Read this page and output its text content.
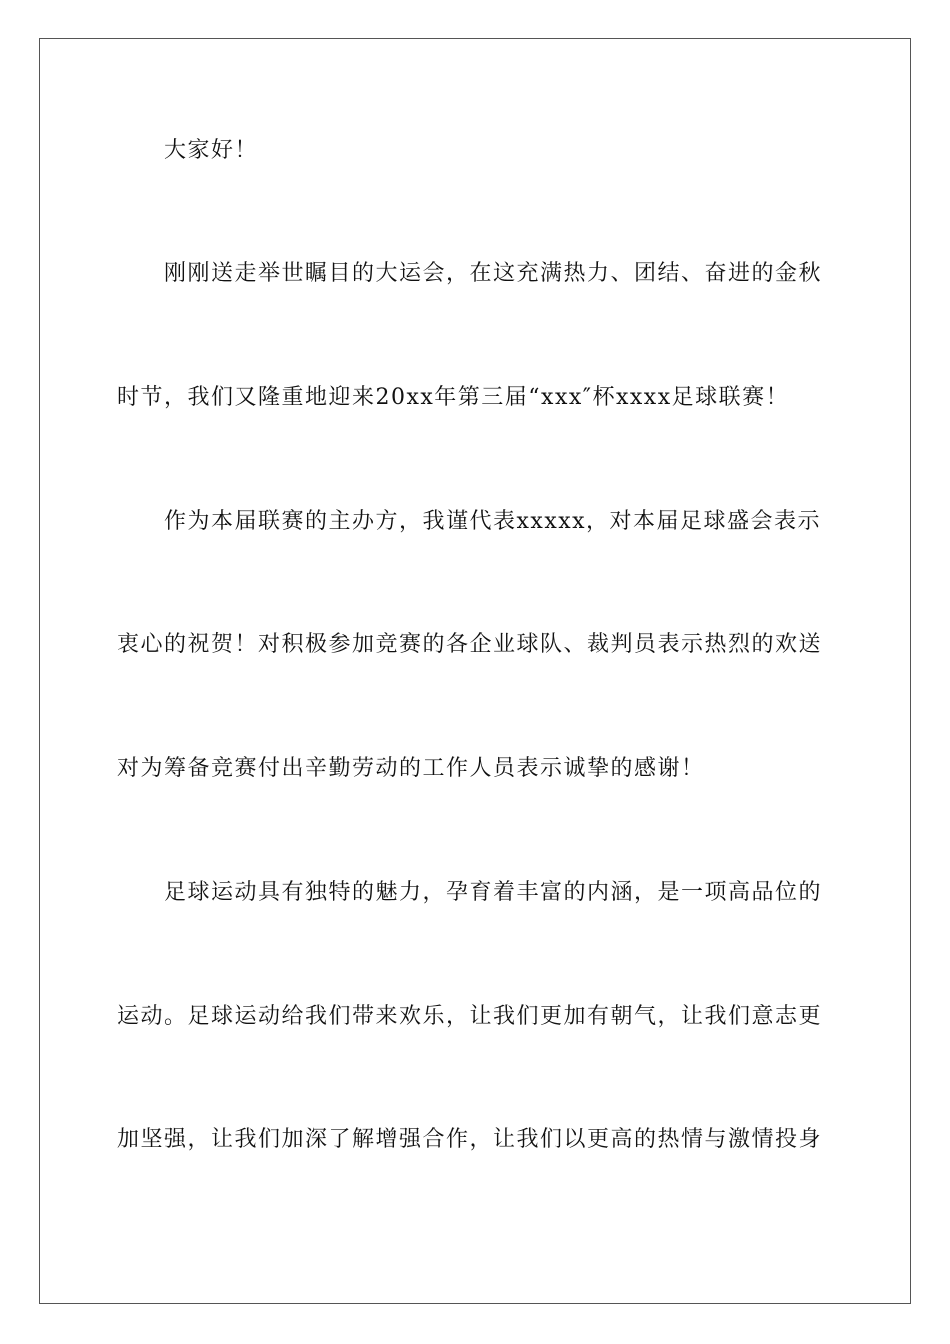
大家好！

刚刚送走举世瞩目的大运会，在这充满热力、团结、奋进的金秋

时节，我们又隆重地迎来20xx年第三届“xxx″杯xxxx足球联赛！

作为本届联赛的主办方，我谨代表xxxxx，对本届足球盛会表示

衷心的祝贺！对积极参加竞赛的各企业球队、裁判员表示热烈的欢送

对为筹备竞赛付出辛勤劳动的工作人员表示诚挚的感谢！

足球运动具有独特的魅力，孕育着丰富的内涵，是一项高品位的

运动。足球运动给我们带来欢乐，让我们更加有朝气，让我们意志更

加坚强，让我们加深了解增强合作，让我们以更高的热情与激情投身
